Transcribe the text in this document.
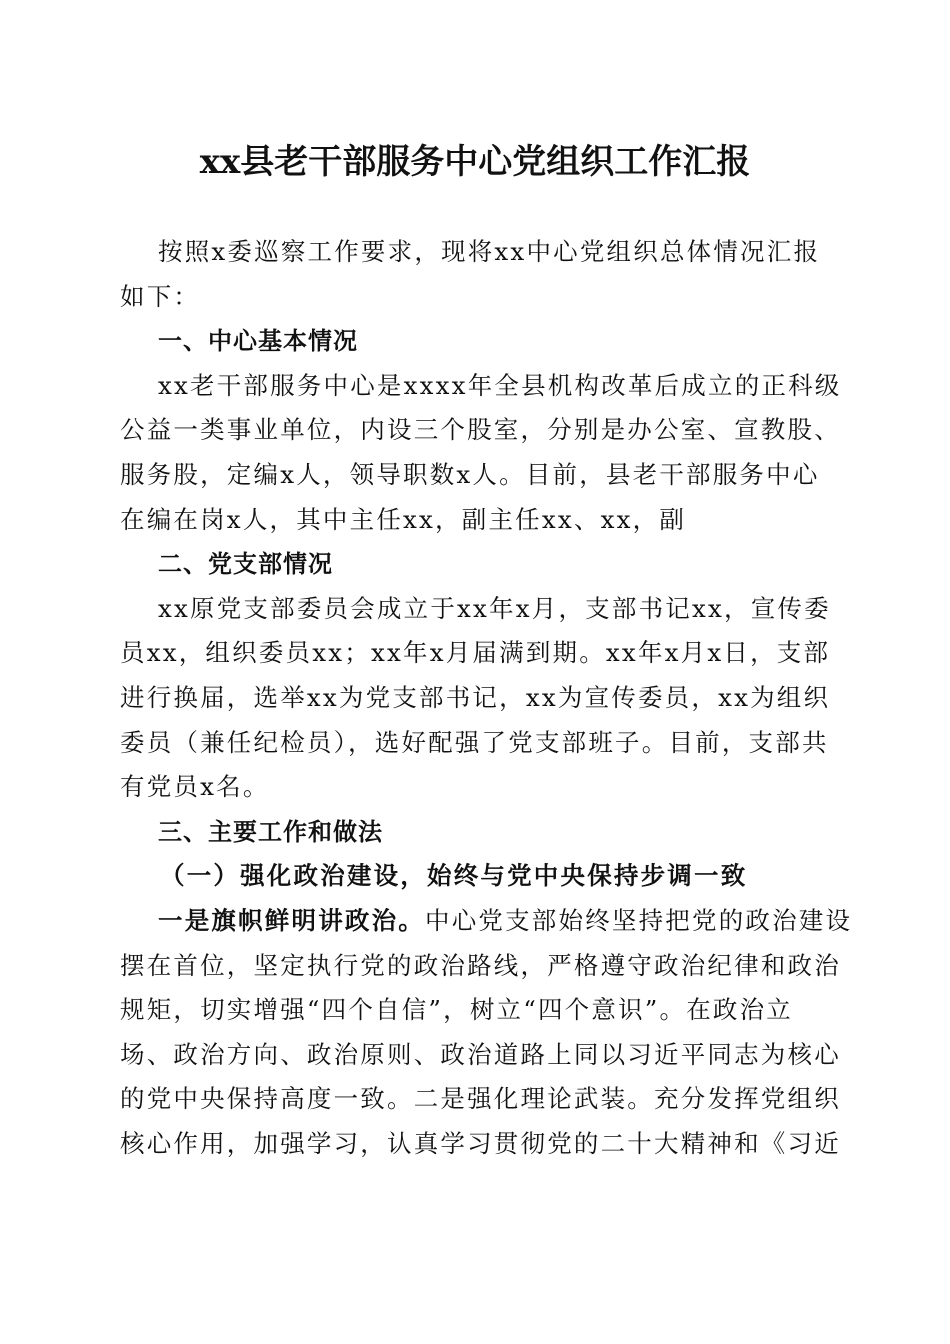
xx县老干部服务中心党组织工作汇报
按照x委巡察工作要求，现将xx中心党组织总体情况汇报
如下：
一、中心基本情况
xx老干部服务中心是xxxx年全县机构改革后成立的正科级
公益一类事业单位，内设三个股室，分别是办公室、宣教股、
服务股，定编x人，领导职数x人。目前，县老干部服务中心
在编在岗x人，其中主任xx，副主任xx、xx，副
二、党支部情况
xx原党支部委员会成立于xx年x月，支部书记xx，宣传委
员xx，组织委员xx；xx年x月届满到期。xx年x月x日，支部
进行换届，选举xx为党支部书记，xx为宣传委员，xx为组织
委员（兼任纪检员），选好配强了党支部班子。目前，支部共
有党员x名。
三、主要工作和做法
（一）强化政治建设，始终与党中央保持步调一致
一是旗帜鲜明讲政治。中心党支部始终坚持把党的政治建设
摆在首位，坚定执行党的政治路线，严格遵守政治纪律和政治
规矩，切实增强“四个自信”，树立“四个意识”。在政治立
场、政治方向、政治原则、政治道路上同以习近平同志为核心
的党中央保持高度一致。二是强化理论武装。充分发挥党组织
核心作用，加强学习，认真学习贯彻党的二十大精神和《习近
